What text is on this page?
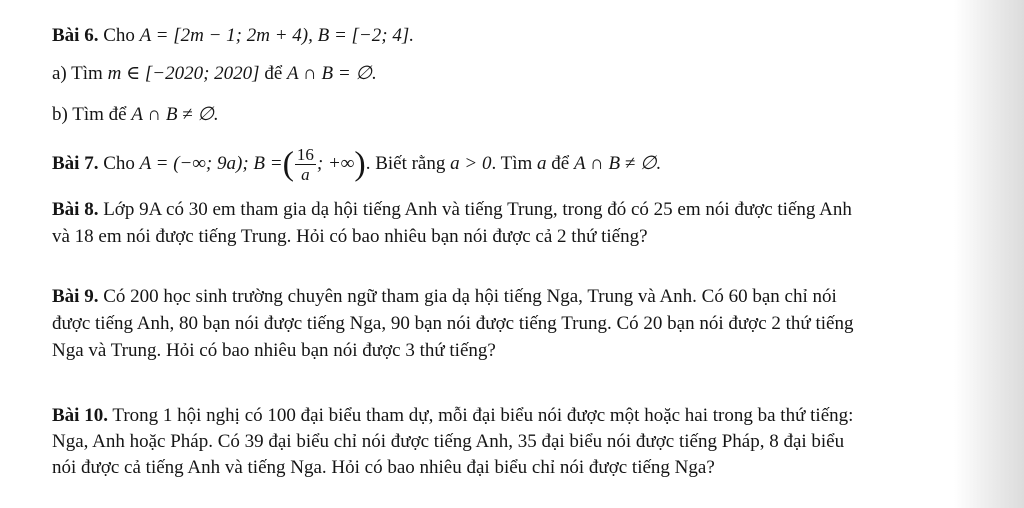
Bài 6. Cho A = [2m − 1; 2m + 4), B = [−2; 4].
a) Tìm m ∈ [−2020; 2020] để A ∩ B = ∅.
b) Tìm để A ∩ B ≠ ∅.
Bài 7. Cho A = (−∞; 9a); B =( $\frac{16}{a}$ ; +∞). Biết rằng a > 0. Tìm a để A ∩ B ≠ ∅.
Bài 8. Lớp 9A có 30 em tham gia dạ hội tiếng Anh và tiếng Trung, trong đó có 25 em nói được tiếng Anh
và 18 em nói được tiếng Trung. Hỏi có bao nhiêu bạn nói được cả 2 thứ tiếng?
Bài 9. Có 200 học sinh trường chuyên ngữ tham gia dạ hội tiếng Nga, Trung và Anh. Có 60 bạn chỉ nói
được tiếng Anh, 80 bạn nói được tiếng Nga, 90 bạn nói được tiếng Trung. Có 20 bạn nói được 2 thứ tiếng
Nga và Trung. Hỏi có bao nhiêu bạn nói được 3 thứ tiếng?
Bài 10. Trong 1 hội nghị có 100 đại biểu tham dự, mỗi đại biểu nói được một hoặc hai trong ba thứ tiếng:
Nga, Anh hoặc Pháp. Có 39 đại biểu chỉ nói được tiếng Anh, 35 đại biểu nói được tiếng Pháp, 8 đại biểu
nói được cả tiếng Anh và tiếng Nga. Hỏi có bao nhiêu đại biểu chỉ nói được tiếng Nga?
